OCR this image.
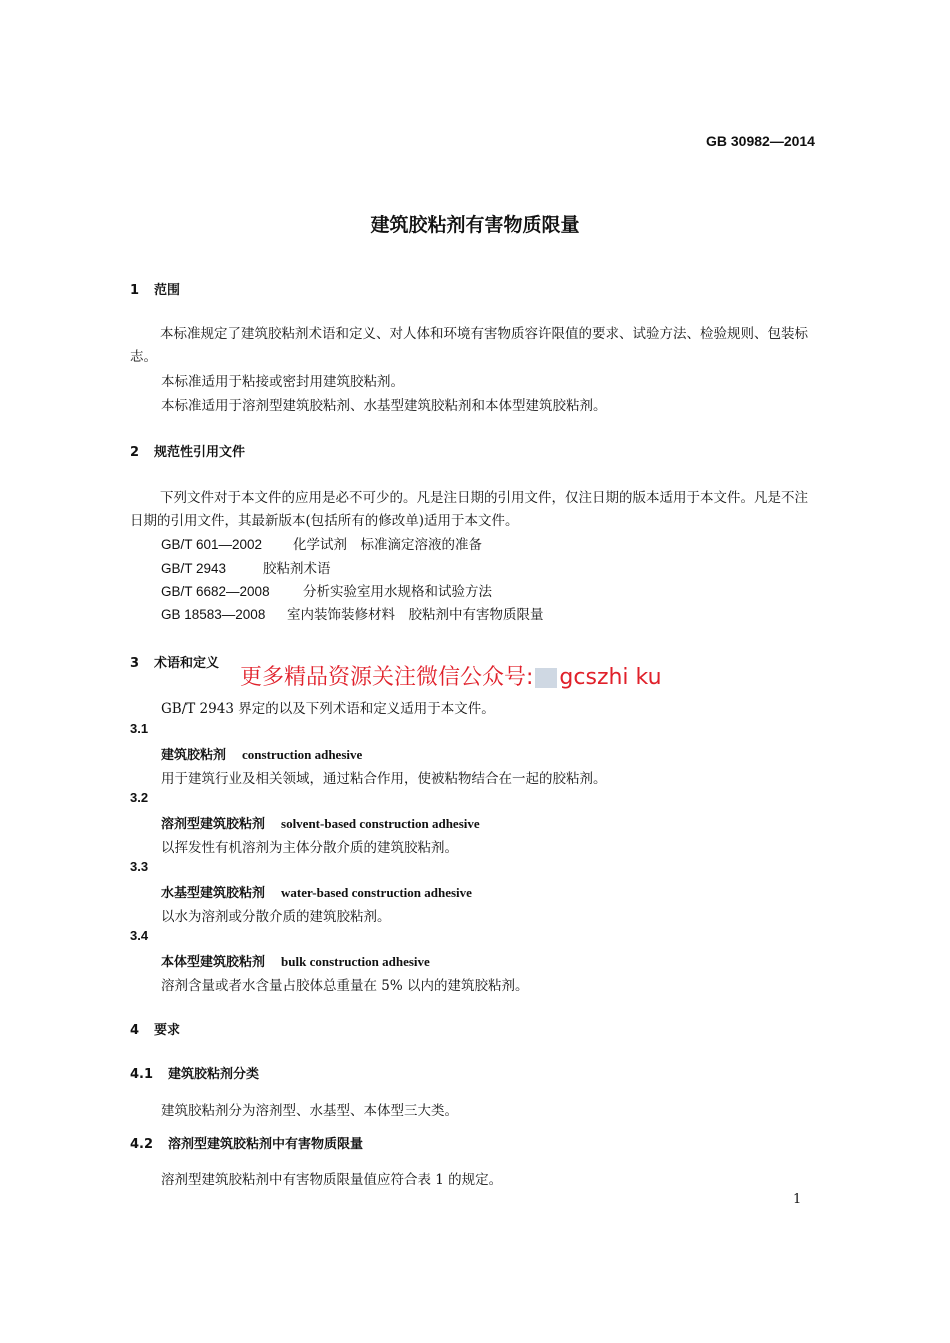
GB 30982—2014
建筑胶粘剂有害物质限量
1 范围
本标准规定了建筑胶粘剂术语和定义、对人体和环境有害物质容许限值的要求、试验方法、检验规则、包装标志。
本标准适用于粘接或密封用建筑胶粘剂。
本标准适用于溶剂型建筑胶粘剂、水基型建筑胶粘剂和本体型建筑胶粘剂。
2 规范性引用文件
下列文件对于本文件的应用是必不可少的。凡是注日期的引用文件，仅注日期的版本适用于本文件。凡是不注日期的引用文件，其最新版本(包括所有的修改单)适用于本文件。
GB/T 601—2002 化学试剂　标准滴定溶液的准备
GB/T 2943	胶粘剂术语
GB/T 6682—2008 分析实验室用水规格和试验方法
GB 18583—2008 室内装饰装修材料　胶粘剂中有害物质限量
3 术语和定义
更多精品资源关注微信公众号: gcszhi ku
GB/T 2943 界定的以及下列术语和定义适用于本文件。
3.1
建筑胶粘剂 construction adhesive
用于建筑行业及相关领域，通过粘合作用，使被粘物结合在一起的胶粘剂。
3.2
溶剂型建筑胶粘剂 solvent-based construction adhesive
以挥发性有机溶剂为主体分散介质的建筑胶粘剂。
3.3
水基型建筑胶粘剂 water-based construction adhesive
以水为溶剂或分散介质的建筑胶粘剂。
3.4
本体型建筑胶粘剂 bulk construction adhesive
溶剂含量或者水含量占胶体总重量在 5% 以内的建筑胶粘剂。
4 要求
4.1 建筑胶粘剂分类
建筑胶粘剂分为溶剂型、水基型、本体型三大类。
4.2 溶剂型建筑胶粘剂中有害物质限量
溶剂型建筑胶粘剂中有害物质限量值应符合表 1 的规定。
1
